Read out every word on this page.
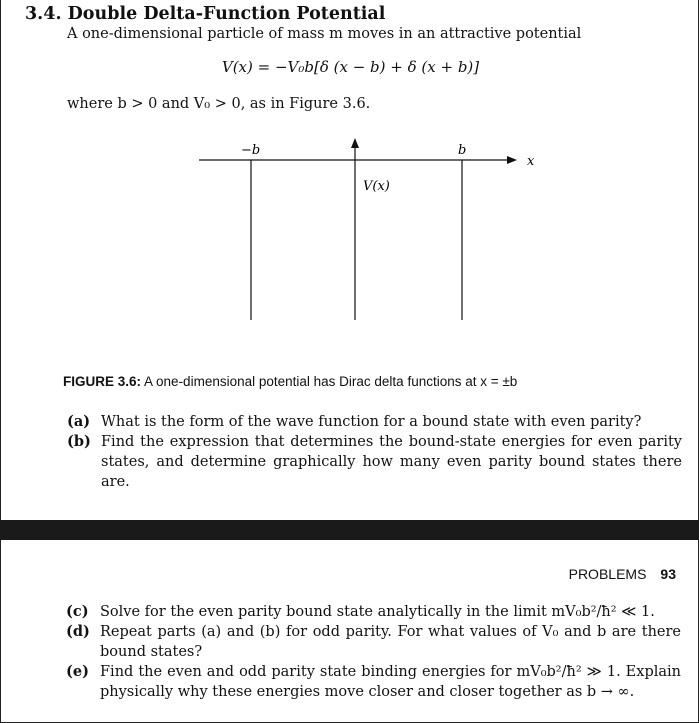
3.4. Double Delta-Function Potential
A one-dimensional particle of mass m moves in an attractive potential
V(x) = −V₀b[δ (x − b) + δ (x + b)]
where b > 0 and V₀ > 0, as in Figure 3.6.
−b	b
x
V(x)
FIGURE 3.6: A one-dimensional potential has Dirac delta functions at x = ±b
(a) What is the form of the wave function for a bound state with even parity?
(b) Find the expression that determines the bound-state energies for even parity states, and determine graphically how many even parity bound states there are.
PROBLEMS 93
(c) Solve for the even parity bound state analytically in the limit mV₀b²/ħ² ≪ 1.
(d) Repeat parts (a) and (b) for odd parity. For what values of V₀ and b are there bound states?
(e) Find the even and odd parity state binding energies for mV₀b²/ħ² ≫ 1. Explain physically why these energies move closer and closer together as b → ∞.
